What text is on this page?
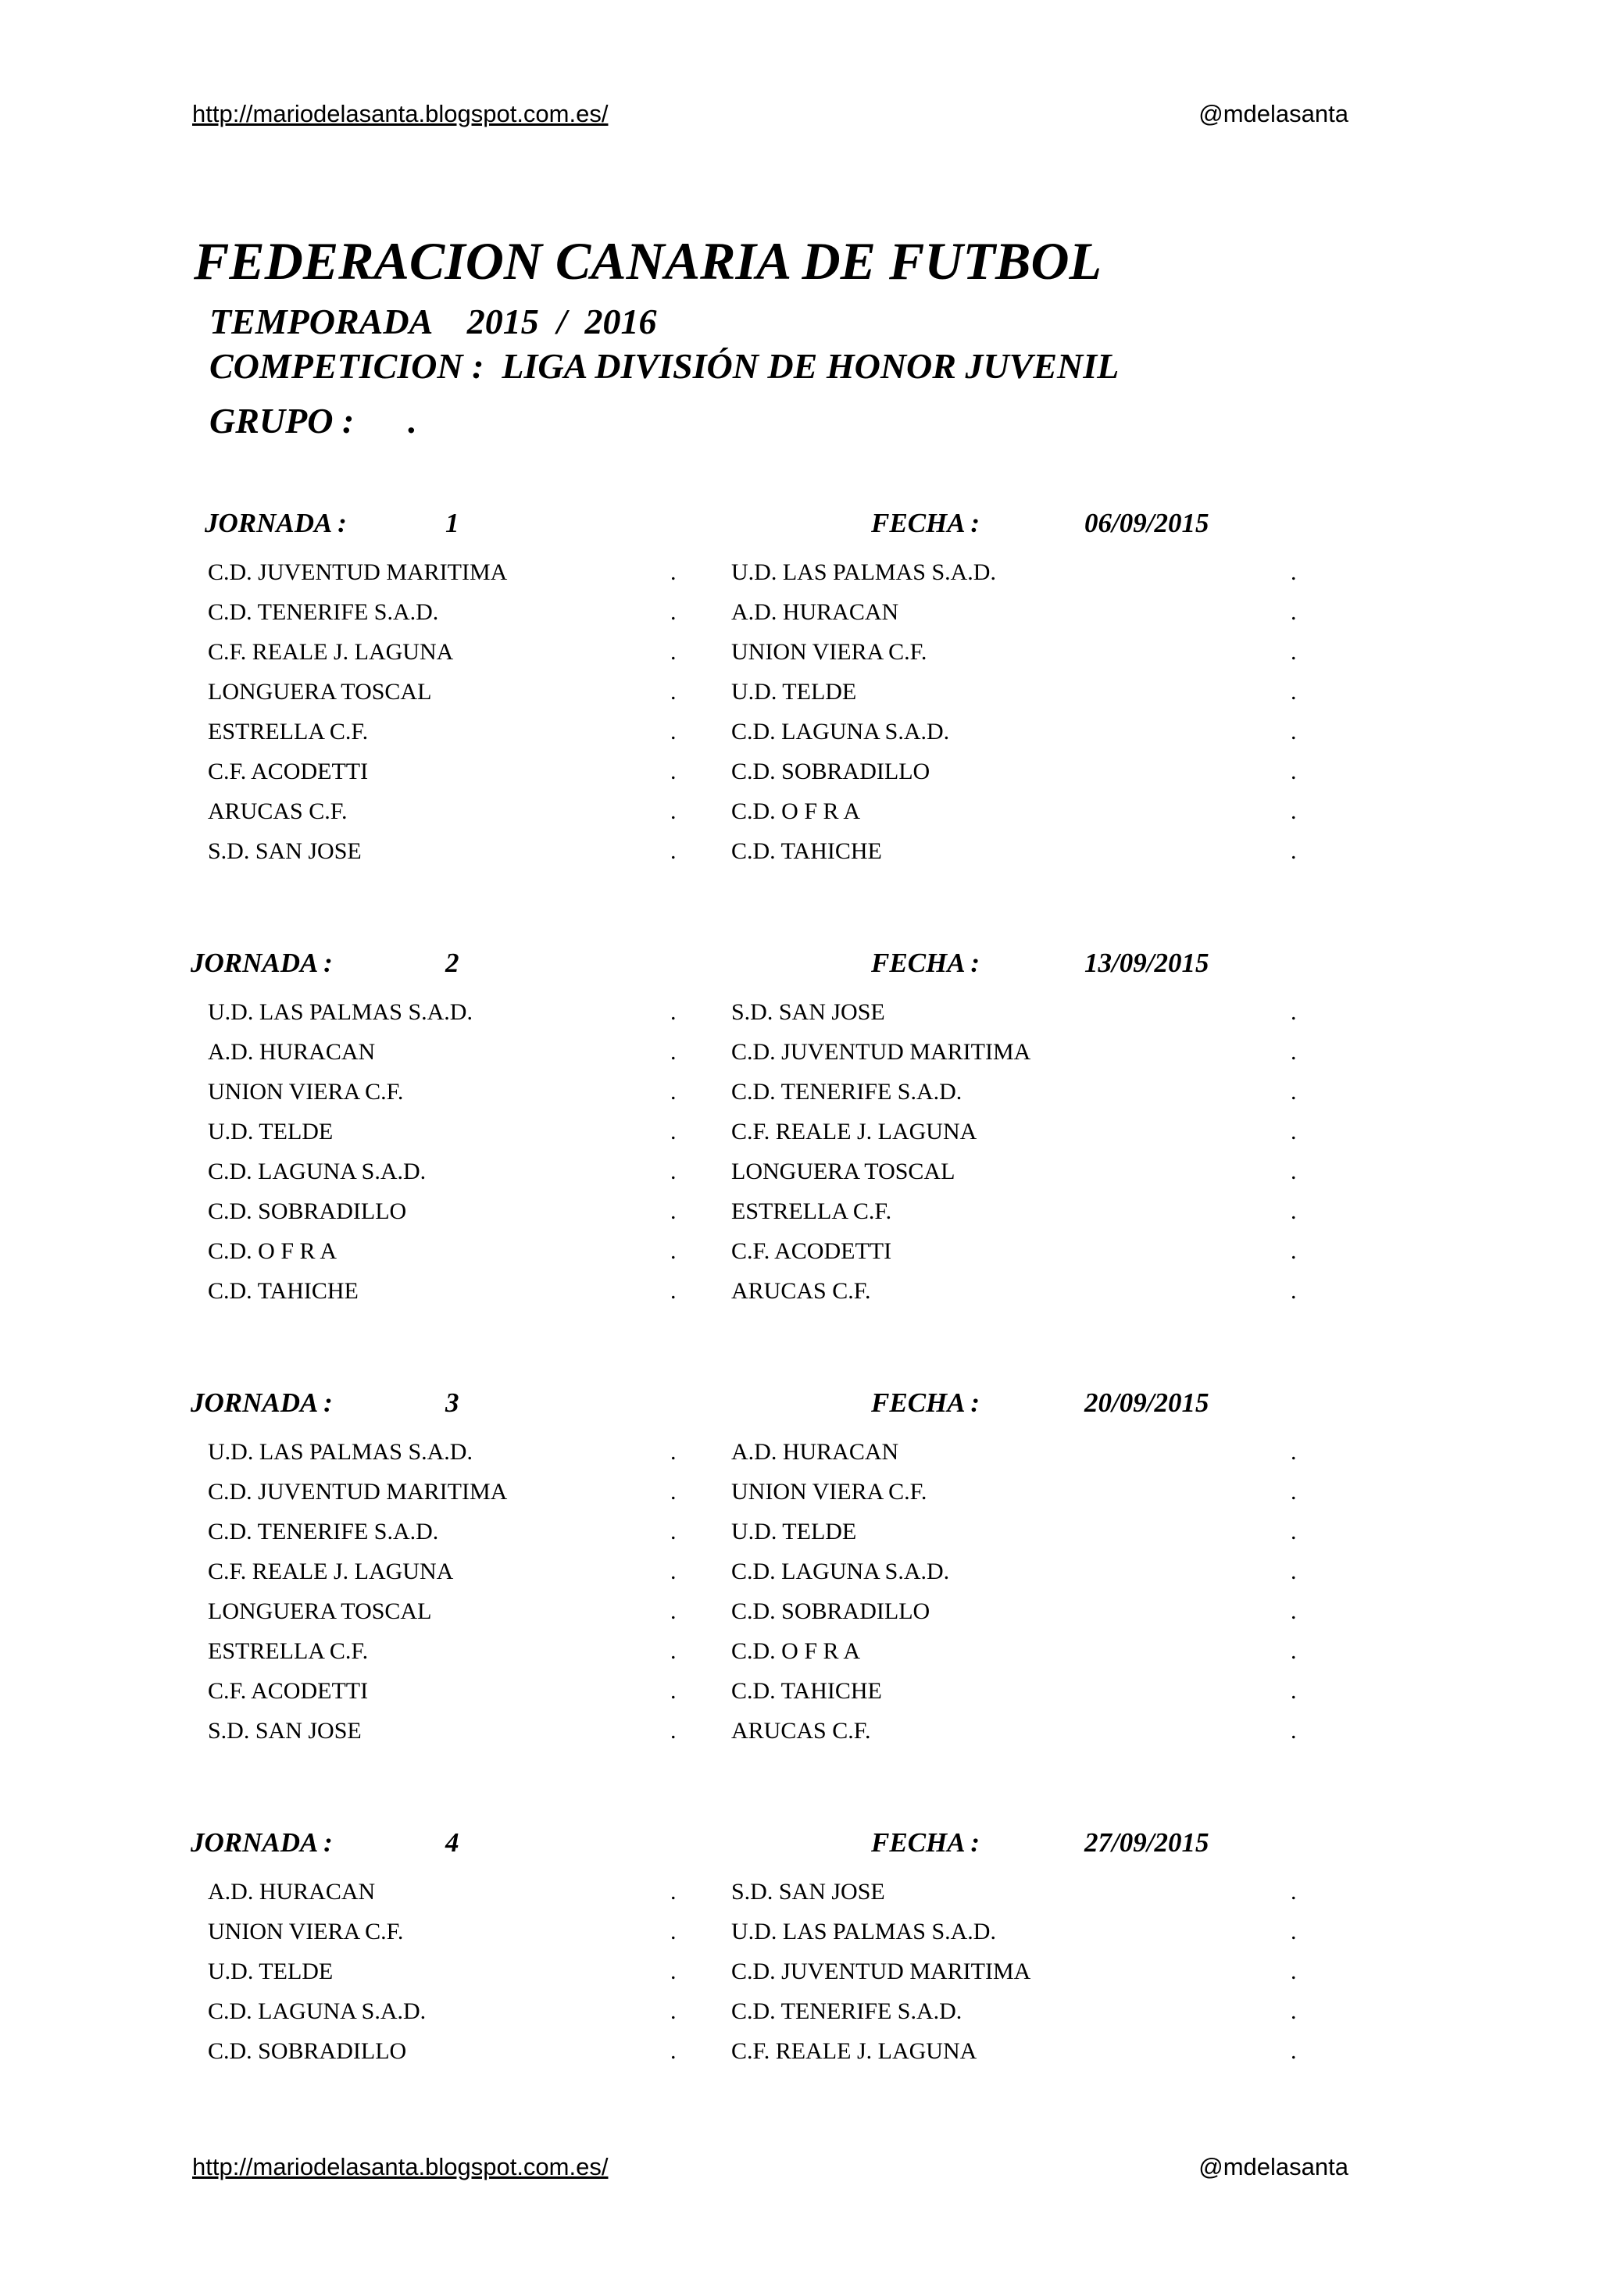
http://mariodelasanta.blogspot.com.es/	@mdelasanta
FEDERACION CANARIA DE FUTBOL
TEMPORADA    2015  /  2016
COMPETICION :  LIGA DIVISIÓN DE HONOR JUVENIL
GRUPO :      .
JORNADA :	1	FECHA :	06/09/2015
C.D. JUVENTUD MARITIMA	. U.D. LAS PALMAS S.A.D.	.
C.D. TENERIFE S.A.D.	. A.D. HURACAN	.
C.F. REALE J. LAGUNA	. UNION VIERA C.F.	.
LONGUERA TOSCAL	. U.D. TELDE	.
ESTRELLA C.F.	. C.D. LAGUNA S.A.D.	.
C.F. ACODETTI	. C.D. SOBRADILLO	.
ARUCAS C.F.	. C.D. O F R A	.
S.D. SAN JOSE	. C.D. TAHICHE	.
JORNADA :	2	FECHA :	13/09/2015
U.D. LAS PALMAS S.A.D.	. S.D. SAN JOSE	.
A.D. HURACAN	. C.D. JUVENTUD MARITIMA	.
UNION VIERA C.F.	. C.D. TENERIFE S.A.D.	.
U.D. TELDE	. C.F. REALE J. LAGUNA	.
C.D. LAGUNA S.A.D.	. LONGUERA TOSCAL	.
C.D. SOBRADILLO	. ESTRELLA C.F.	.
C.D. O F R A	. C.F. ACODETTI	.
C.D. TAHICHE	. ARUCAS C.F.	.
JORNADA :	3	FECHA :	20/09/2015
U.D. LAS PALMAS S.A.D.	. A.D. HURACAN	.
C.D. JUVENTUD MARITIMA	. UNION VIERA C.F.	.
C.D. TENERIFE S.A.D.	. U.D. TELDE	.
C.F. REALE J. LAGUNA	. C.D. LAGUNA S.A.D.	.
LONGUERA TOSCAL	. C.D. SOBRADILLO	.
ESTRELLA C.F.	. C.D. O F R A	.
C.F. ACODETTI	. C.D. TAHICHE	.
S.D. SAN JOSE	. ARUCAS C.F.	.
JORNADA :	4	FECHA :	27/09/2015
A.D. HURACAN	. S.D. SAN JOSE	.
UNION VIERA C.F.	. U.D. LAS PALMAS S.A.D.	.
U.D. TELDE	. C.D. JUVENTUD MARITIMA	.
C.D. LAGUNA S.A.D.	. C.D. TENERIFE S.A.D.	.
C.D. SOBRADILLO	. C.F. REALE J. LAGUNA	.
http://mariodelasanta.blogspot.com.es/	@mdelasanta
